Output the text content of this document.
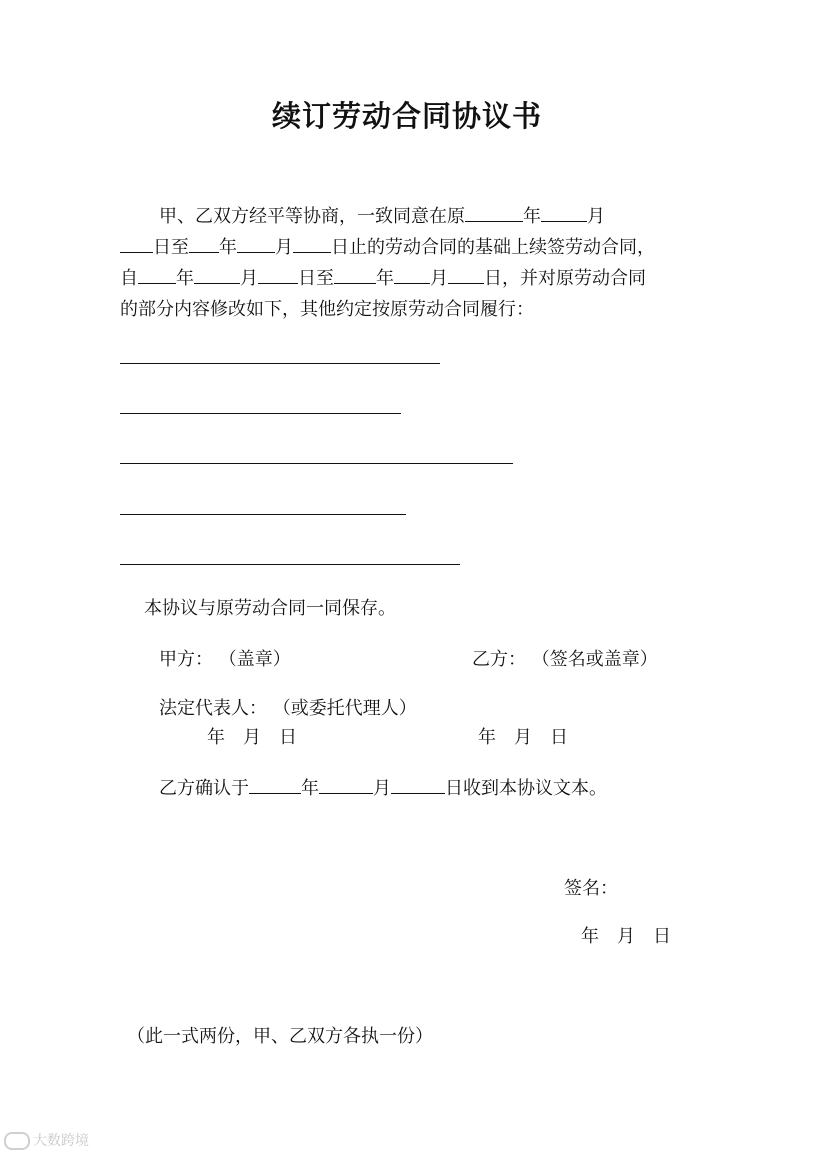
续订劳动合同协议书
甲、乙双方经平等协商，一致同意在原	年	月
日至 年 月 日止的劳动合同的基础上续签劳动合同，
自 年	月 日至 年 月 日，并对原劳动合同
的部分内容修改如下，其他约定按原劳动合同履行：
本协议与原劳动合同一同保存。
甲方： （盖章）	乙方： （签名或盖章）
法定代表人： （或委托代理人）
年　月　日	年　月　日
乙方确认于	年	月	日收到本协议文本。
签名：
年　月　日
（此一式两份，甲、乙双方各执一份）
大数跨境
